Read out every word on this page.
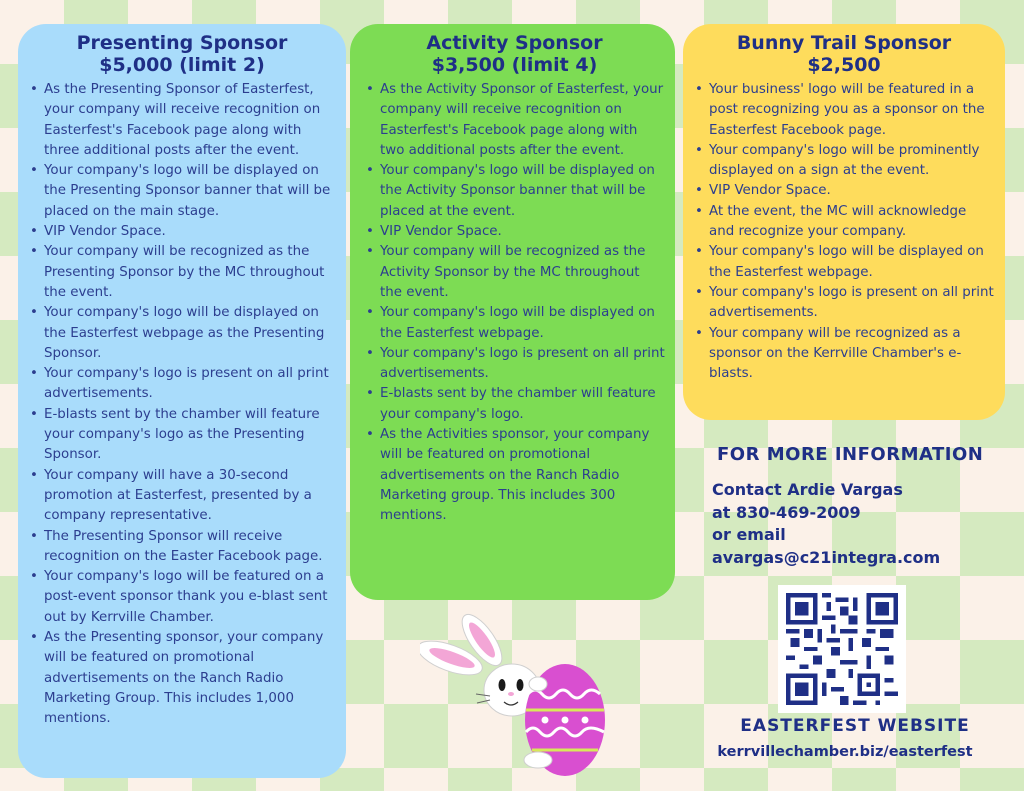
Presenting Sponsor
$5,000 (limit 2)
• As the Presenting Sponsor of Easterfest, your company will receive recognition on Easterfest's Facebook page along with three additional posts after the event.
• Your company's logo will be displayed on the Presenting Sponsor banner that will be placed on the main stage.
• VIP Vendor Space.
• Your company will be recognized as the Presenting Sponsor by the MC throughout the event.
• Your company's logo will be displayed on the Easterfest webpage as the Presenting Sponsor.
• Your company's logo is present on all print advertisements.
• E-blasts sent by the chamber will feature your company's logo as the Presenting Sponsor.
• Your company will have a 30-second promotion at Easterfest, presented by a company representative.
• The Presenting Sponsor will receive recognition on the Easter Facebook page.
• Your company's logo will be featured on a post-event sponsor thank you e-blast sent out by Kerrville Chamber.
• As the Presenting sponsor, your company will be featured on promotional advertisements on the Ranch Radio Marketing Group. This includes 1,000 mentions.
Activity Sponsor
$3,500 (limit 4)
• As the Activity Sponsor of Easterfest, your company will receive recognition on Easterfest's Facebook page along with two additional posts after the event.
• Your company's logo will be displayed on the Activity Sponsor banner that will be placed at the event.
• VIP Vendor Space.
• Your company will be recognized as the Activity Sponsor by the MC throughout the event.
• Your company's logo will be displayed on the Easterfest webpage.
• Your company's logo is present on all print advertisements.
• E-blasts sent by the chamber will feature your company's logo.
• As the Activities sponsor, your company will be featured on promotional advertisements on the Ranch Radio Marketing group. This includes 300 mentions.
Bunny Trail Sponsor
$2,500
• Your business' logo will be featured in a post recognizing you as a sponsor on the Easterfest Facebook page.
• Your company's logo will be prominently displayed on a sign at the event.
• VIP Vendor Space.
• At the event, the MC will acknowledge and recognize your company.
• Your company's logo will be displayed on the Easterfest webpage.
• Your company's logo is present on all print advertisements.
• Your company will be recognized as a sponsor on the Kerrville Chamber's e-blasts.
FOR MORE INFORMATION
Contact Ardie Vargas
at 830-469-2009
or email
avargas@c21integra.com
EASTERFEST WEBSITE
kerrvillechamber.biz/easterfest
